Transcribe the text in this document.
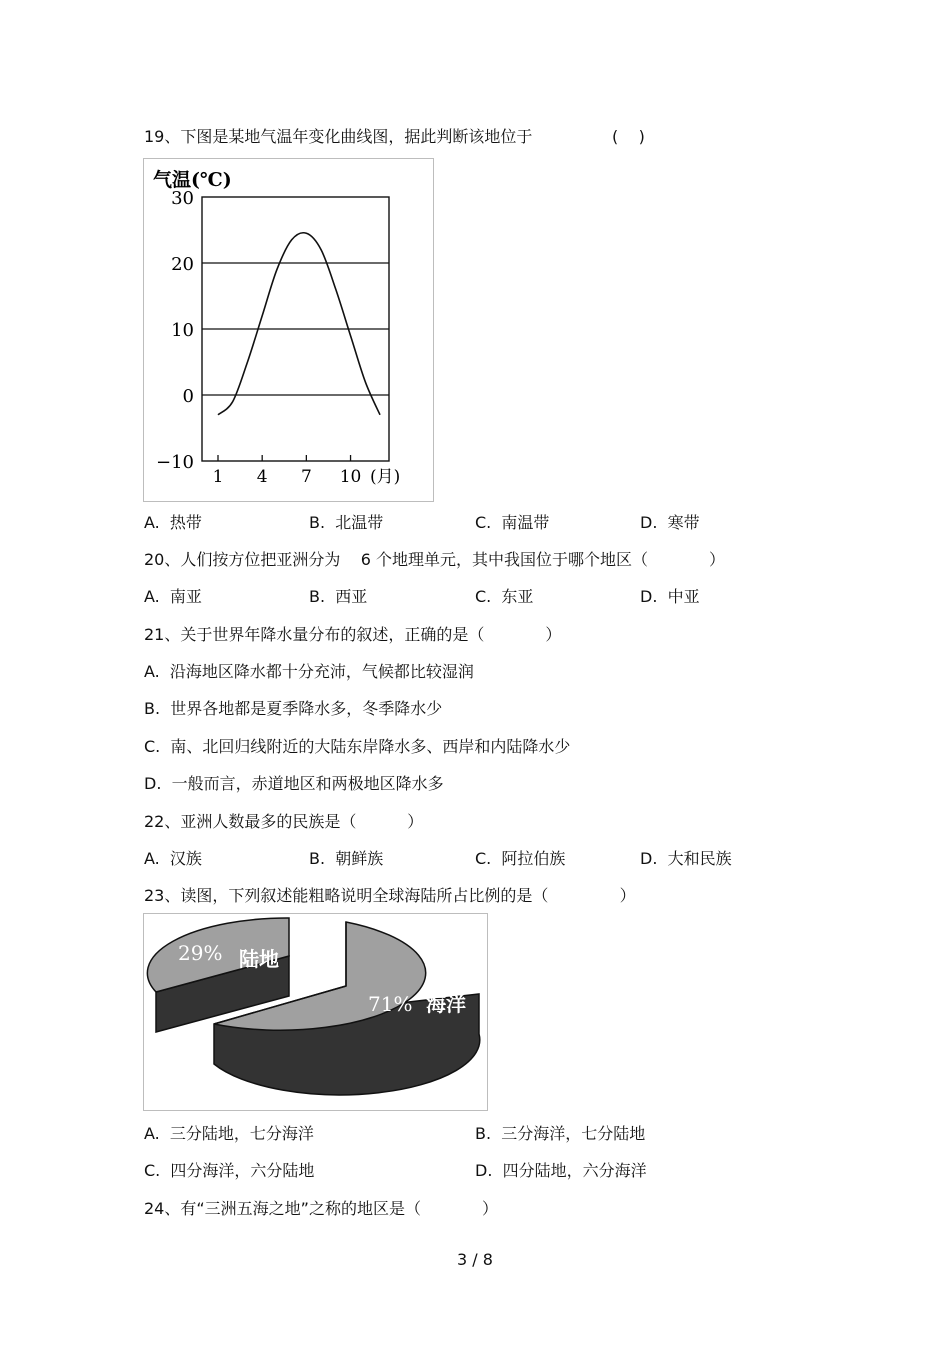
19、下图是某地气温年变化曲线图，据此判断该地位于	(    )
气温(℃)
30
20
10
0
−10
1 4 7 10 (月)
A.  热带	B.  北温带	C.  南温带	D.  寒带
20、人们按方位把亚洲分为    6 个地理单元，其中我国位于哪个地区（            ）
A.  南亚	B.  西亚	C.  东亚	D.  中亚
21、关于世界年降水量分布的叙述，正确的是（            ）
A.  沿海地区降水都十分充沛，气候都比较湿润
B.  世界各地都是夏季降水多，冬季降水少
C.  南、北回归线附近的大陆东岸降水多、西岸和内陆降水少
D.  一般而言，赤道地区和两极地区降水多
22、亚洲人数最多的民族是（          ）
A.  汉族	B.  朝鲜族	C.  阿拉伯族	D.  大和民族
23、读图，下列叙述能粗略说明全球海陆所占比例的是（              ）
29% 陆地
71% 海洋
A.  三分陆地，七分海洋	B.  三分海洋，七分陆地
C.  四分海洋，六分陆地	D.  四分陆地，六分海洋
24、有“三洲五海之地”之称的地区是（            ）
3 / 8
